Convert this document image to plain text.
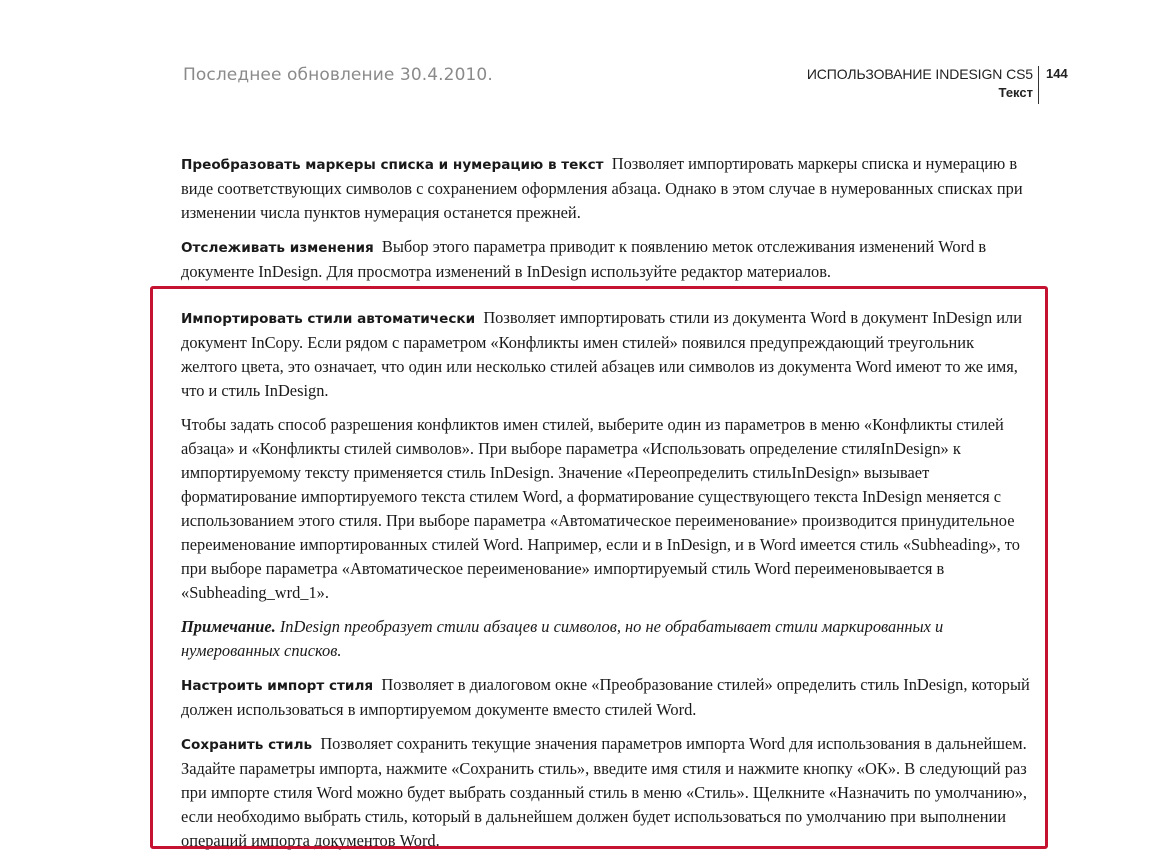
Последнее обновление 30.4.2010.	ИСПОЛЬЗОВАНИЕ INDESIGN CS5
Текст
144

Преобразовать маркеры списка и нумерацию в текст Позволяет импортировать маркеры списка и нумерацию в виде соответствующих символов с сохранением оформления абзаца. Однако в этом случае в нумерованных списках при изменении числа пунктов нумерация останется прежней.

Отслеживать изменения Выбор этого параметра приводит к появлению меток отслеживания изменений Word в документе InDesign. Для просмотра изменений в InDesign используйте редактор материалов.

Импортировать стили автоматически Позволяет импортировать стили из документа Word в документ InDesign или документ InCopy. Если рядом с параметром «Конфликты имен стилей» появился предупреждающий треугольник желтого цвета, это означает, что один или несколько стилей абзацев или символов из документа Word имеют то же имя, что и стиль InDesign.

Чтобы задать способ разрешения конфликтов имен стилей, выберите один из параметров в меню «Конфликты стилей абзаца» и «Конфликты стилей символов». При выборе параметра «Использовать определение стиляInDesign» к импортируемому тексту применяется стиль InDesign. Значение «Переопределить стильInDesign» вызывает форматирование импортируемого текста стилем Word, а форматирование существующего текста InDesign меняется с использованием этого стиля. При выборе параметра «Автоматическое переименование» производится принудительное переименование импортированных стилей Word. Например, если и в InDesign, и в Word имеется стиль «Subheading», то при выборе параметра «Автоматическое переименование» импортируемый стиль Word переименовывается в «Subheading_wrd_1».

Примечание. InDesign преобразует стили абзацев и символов, но не обрабатывает стили маркированных и нумерованных списков.

Настроить импорт стиля Позволяет в диалоговом окне «Преобразование стилей» определить стиль InDesign, который должен использоваться в импортируемом документе вместо стилей Word.

Сохранить стиль Позволяет сохранить текущие значения параметров импорта Word для использования в дальнейшем. Задайте параметры импорта, нажмите «Сохранить стиль», введите имя стиля и нажмите кнопку «ОК». В следующий раз при импорте стиля Word можно будет выбрать созданный стиль в меню «Стиль». Щелкните «Назначить по умолчанию», если необходимо выбрать стиль, который в дальнейшем должен будет использоваться по умолчанию при выполнении операций импорта документов Word.
